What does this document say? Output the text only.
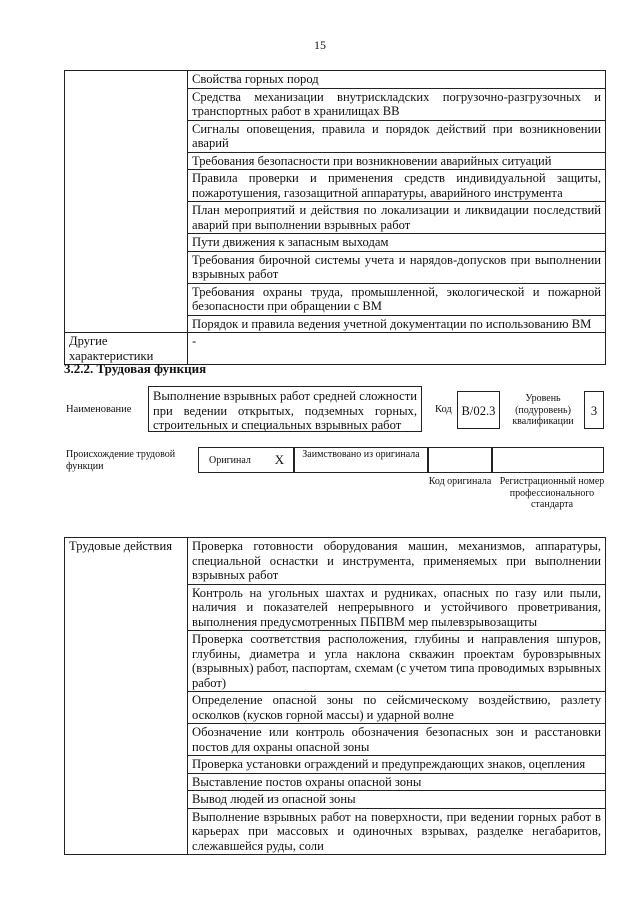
15
	Свойства горных пород
	Средства механизации внутрискладских погрузочно-разгрузочных и транспортных работ в хранилищах ВВ
	Сигналы оповещения, правила и порядок действий при возникновении аварий
	Требования безопасности при возникновении аварийных ситуаций
	Правила проверки и применения средств индивидуальной защиты, пожаротушения, газозащитной аппаратуры, аварийного инструмента
	План мероприятий и действия по локализации и ликвидации последствий аварий при выполнении взрывных работ
	Пути движения к запасным выходам
	Требования бирочной системы учета и нарядов-допусков при выполнении взрывных работ
	Требования охраны труда, промышленной, экологической и пожарной безопасности при обращении с ВМ
	Порядок и правила ведения учетной документации по использованию ВМ
Другие характеристики	-
3.2.2. Трудовая функция
Наименование
Выполнение взрывных работ средней сложности при ведении открытых, подземных горных, строительных и специальных взрывных работ
Код B/02.3
Уровень (подуровень) квалификации
3
Происхождение трудовой функции	Оригинал	X	Заимствовано из оригинала
Код оригинала Регистрационный номер профессионального стандарта
Трудовые действия	Проверка готовности оборудования машин, механизмов, аппаратуры, специальной оснастки и инструмента, применяемых при выполнении взрывных работ
Контроль на угольных шахтах и рудниках, опасных по газу или пыли, наличия и показателей непрерывного и устойчивого проветривания, выполнения предусмотренных ПБПВМ мер пылевзрывозащиты
Проверка соответствия расположения, глубины и направления шпуров, глубины, диаметра и угла наклона скважин проектам буровзрывных (взрывных) работ, паспортам, схемам (с учетом типа проводимых взрывных работ)
Определение опасной зоны по сейсмическому воздействию, разлету осколков (кусков горной массы) и ударной волне
Обозначение или контроль обозначения безопасных зон и расстановки постов для охраны опасной зоны
Проверка установки ограждений и предупреждающих знаков, оцепления
Выставление постов охраны опасной зоны
Вывод людей из опасной зоны
Выполнение взрывных работ на поверхности, при ведении горных работ в карьерах при массовых и одиночных взрывах, разделке негабаритов, слежавшейся руды, соли
